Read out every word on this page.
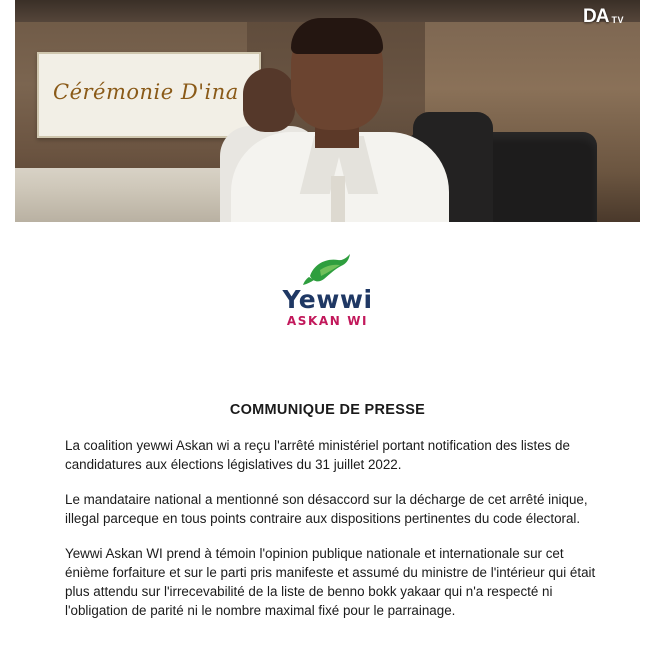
Cérémonie D'ina
DA TV
Yewwi
ASKAN WI
COMMUNIQUE DE PRESSE

La coalition yewwi Askan wi a reçu l'arrêté ministériel portant notification des listes de candidatures aux élections législatives du 31 juillet 2022.

Le mandataire national a mentionné son désaccord sur la décharge de cet arrêté inique, illegal parceque en tous points contraire aux dispositions pertinentes du code électoral.

Yewwi Askan WI prend à témoin l'opinion publique nationale et internationale sur cet énième forfaiture et sur le parti pris manifeste et assumé du ministre de l'intérieur qui était plus attendu sur l'irrecevabilité de la liste de benno bokk yakaar qui n'a respecté ni l'obligation de parité ni le nombre maximal fixé pour le parrainage.
